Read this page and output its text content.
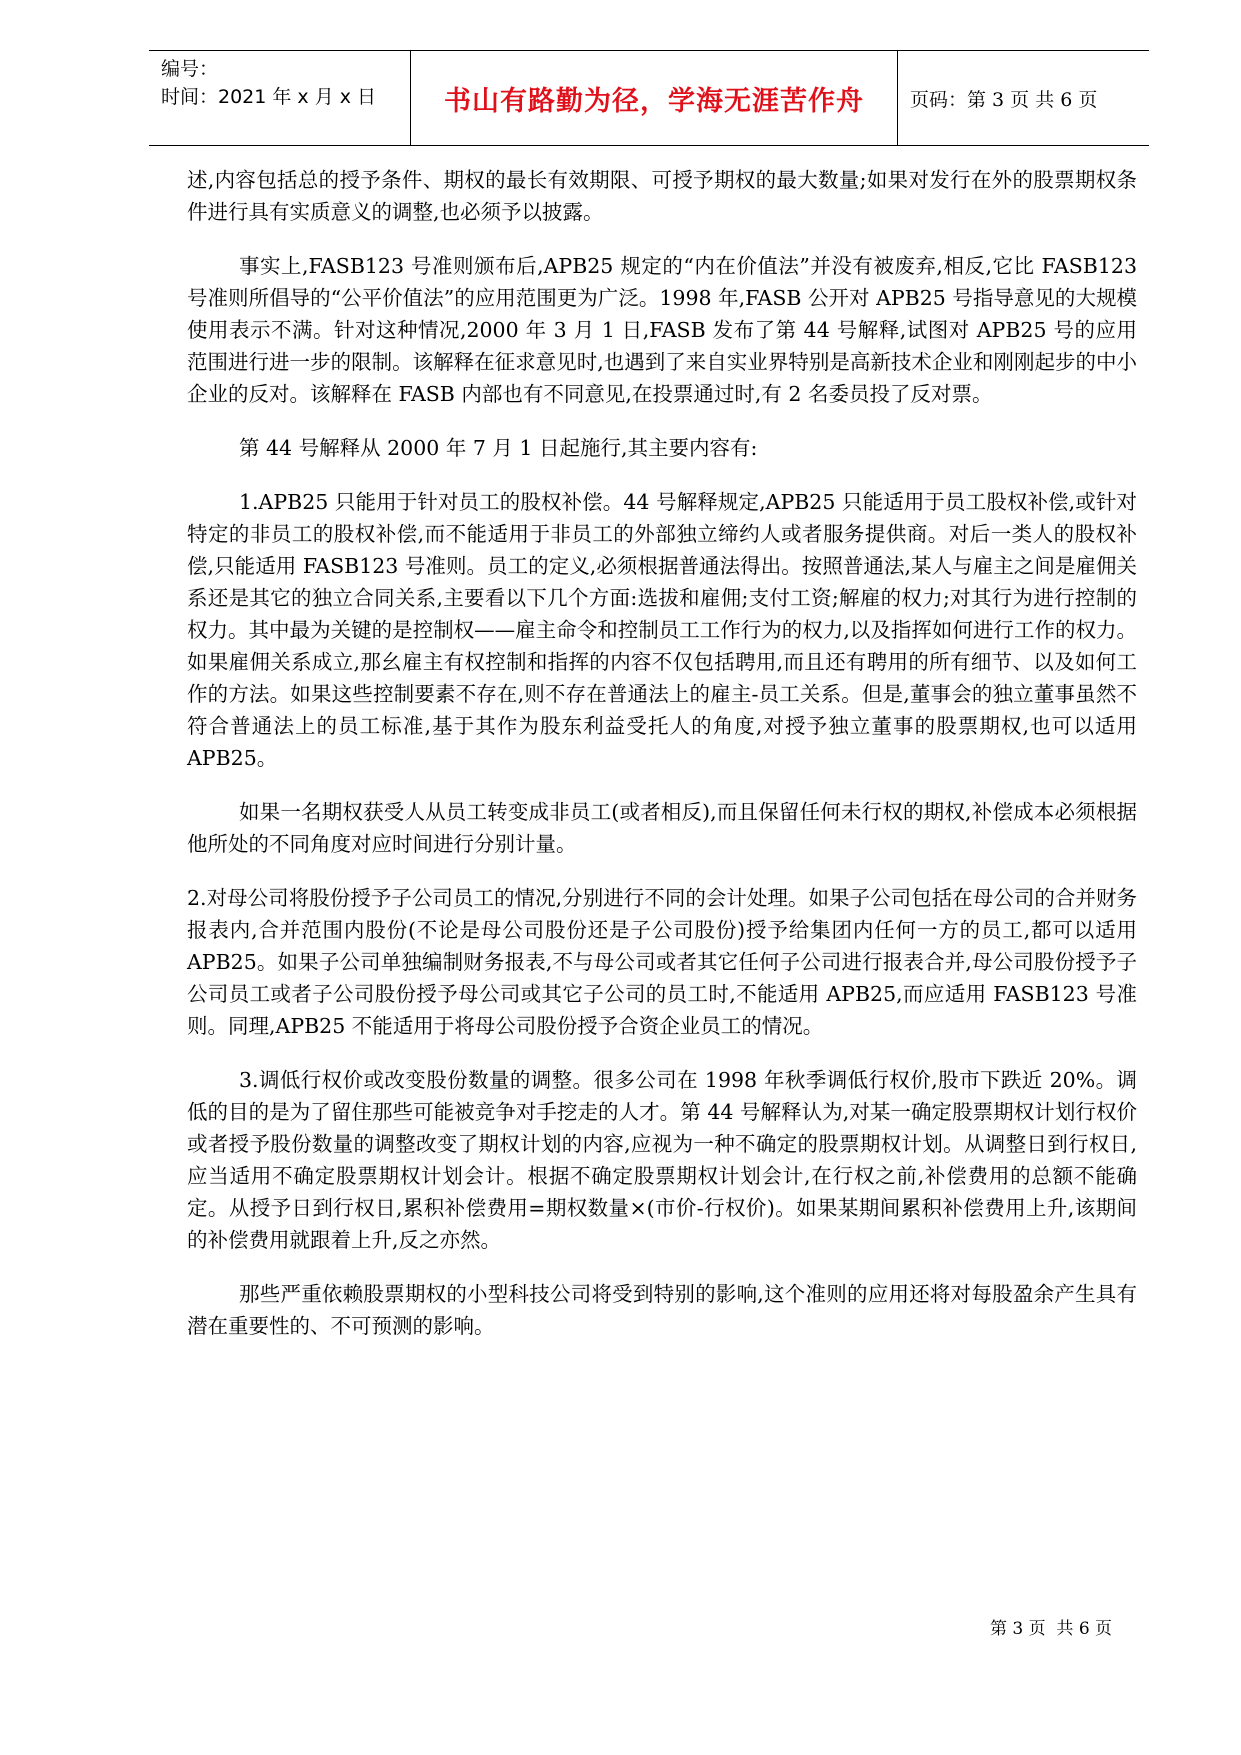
编号：
时间：2021 年 x 月 x 日	书山有路勤为径，学海无涯苦作舟	页码：第 3 页 共 6 页

述,内容包括总的授予条件、期权的最长有效期限、可授予期权的最大数量;如果对发行在外的股票期权条件进行具有实质意义的调整,也必须予以披露。

事实上,FASB123 号准则颁布后,APB25 规定的“内在价值法”并没有被废弃,相反,它比 FASB123 号准则所倡导的“公平价值法”的应用范围更为广泛。1998 年,FASB 公开对 APB25 号指导意见的大规模使用表示不满。针对这种情况,2000 年 3 月 1 日,FASB 发布了第 44 号解释,试图对 APB25 号的应用范围进行进一步的限制。该解释在征求意见时,也遇到了来自实业界特别是高新技术企业和刚刚起步的中小企业的反对。该解释在 FASB 内部也有不同意见,在投票通过时,有 2 名委员投了反对票。

第 44 号解释从 2000 年 7 月 1 日起施行,其主要内容有:

1.APB25 只能用于针对员工的股权补偿。44 号解释规定,APB25 只能适用于员工股权补偿,或针对特定的非员工的股权补偿,而不能适用于非员工的外部独立缔约人或者服务提供商。对后一类人的股权补偿,只能适用 FASB123 号准则。员工的定义,必须根据普通法得出。按照普通法,某人与雇主之间是雇佣关系还是其它的独立合同关系,主要看以下几个方面:选拔和雇佣;支付工资;解雇的权力;对其行为进行控制的权力。其中最为关键的是控制权——雇主命令和控制员工工作行为的权力,以及指挥如何进行工作的权力。如果雇佣关系成立,那幺雇主有权控制和指挥的内容不仅包括聘用,而且还有聘用的所有细节、以及如何工作的方法。如果这些控制要素不存在,则不存在普通法上的雇主-员工关系。但是,董事会的独立董事虽然不符合普通法上的员工标准,基于其作为股东利益受托人的角度,对授予独立董事的股票期权,也可以适用 APB25。

如果一名期权获受人从员工转变成非员工(或者相反),而且保留任何未行权的期权,补偿成本必须根据他所处的不同角度对应时间进行分别计量。

2.对母公司将股份授予子公司员工的情况,分别进行不同的会计处理。如果子公司包括在母公司的合并财务报表内,合并范围内股份(不论是母公司股份还是子公司股份)授予给集团内任何一方的员工,都可以适用 APB25。如果子公司单独编制财务报表,不与母公司或者其它任何子公司进行报表合并,母公司股份授予子公司员工或者子公司股份授予母公司或其它子公司的员工时,不能适用 APB25,而应适用 FASB123 号准则。同理,APB25 不能适用于将母公司股份授予合资企业员工的情况。

3.调低行权价或改变股份数量的调整。很多公司在 1998 年秋季调低行权价,股市下跌近 20%。调低的目的是为了留住那些可能被竞争对手挖走的人才。第 44 号解释认为,对某一确定股票期权计划行权价或者授予股份数量的调整改变了期权计划的内容,应视为一种不确定的股票期权计划。从调整日到行权日,应当适用不确定股票期权计划会计。根据不确定股票期权计划会计,在行权之前,补偿费用的总额不能确定。从授予日到行权日,累积补偿费用=期权数量×(市价-行权价)。如果某期间累积补偿费用上升,该期间的补偿费用就跟着上升,反之亦然。

那些严重依赖股票期权的小型科技公司将受到特别的影响,这个准则的应用还将对每股盈余产生具有潜在重要性的、不可预测的影响。

第 3 页  共 6 页
